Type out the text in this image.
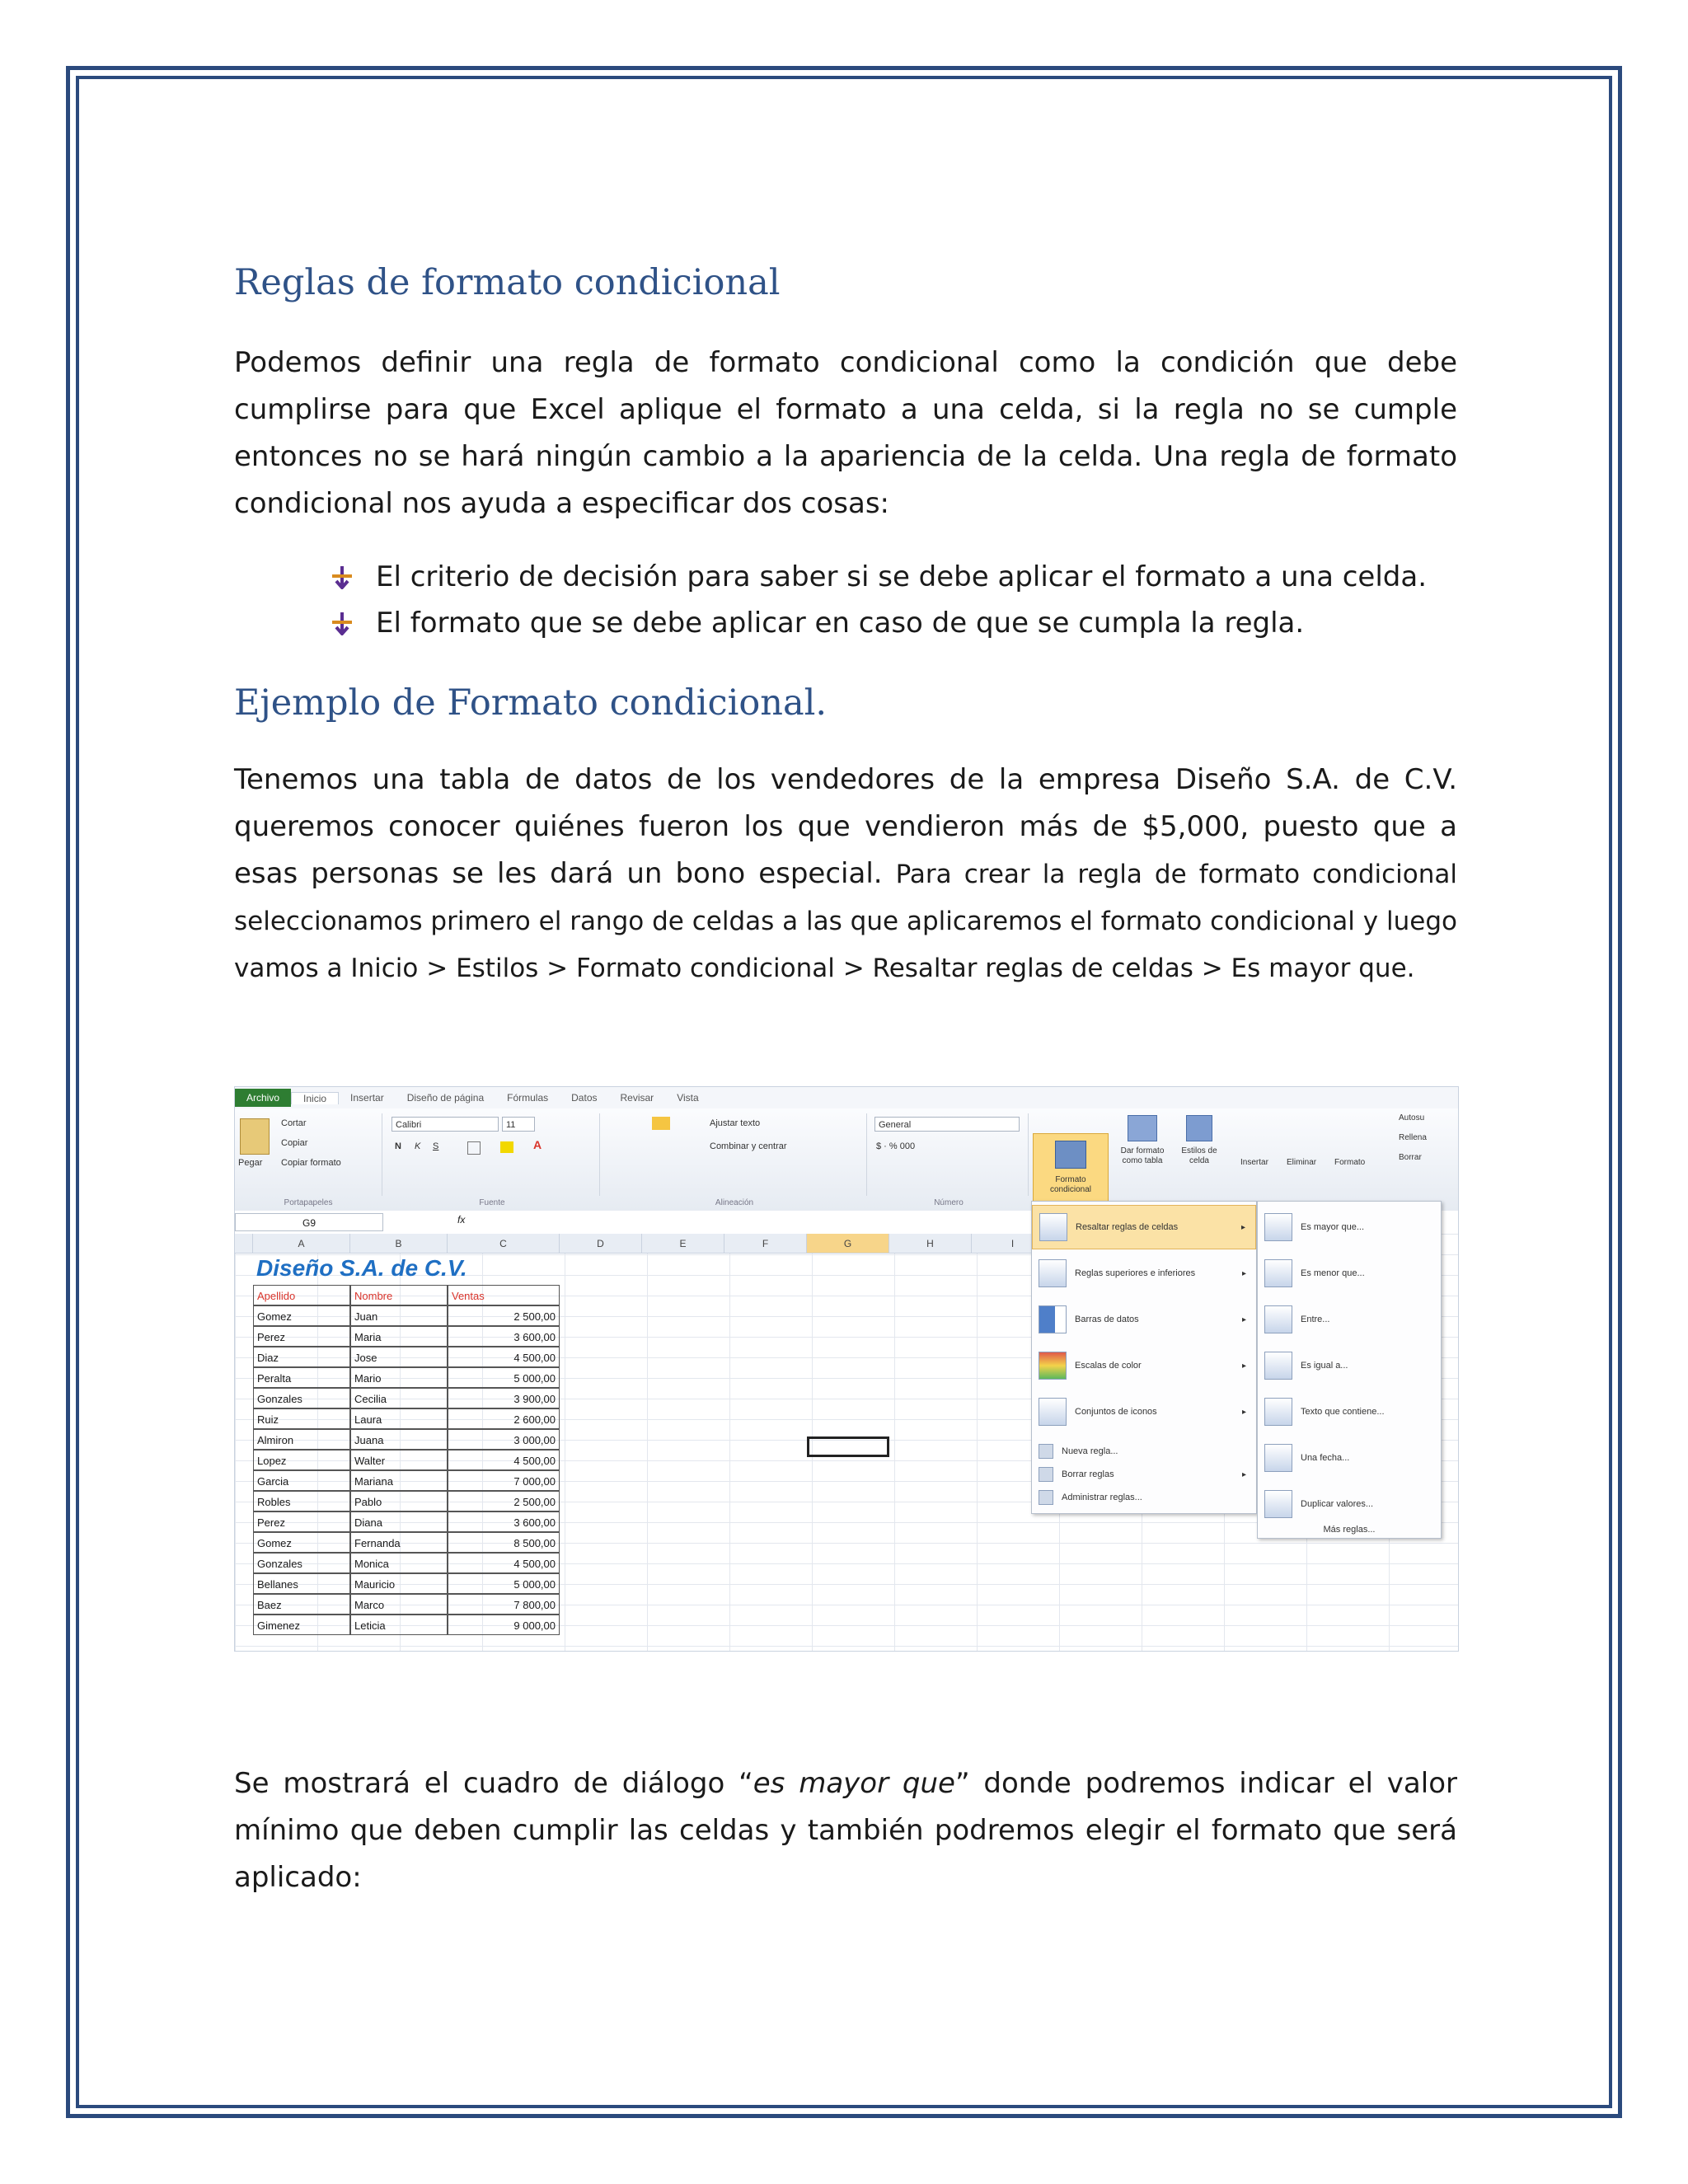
Reglas de formato condicional

Podemos definir una regla de formato condicional como la condición que debe cumplirse para que Excel aplique el formato a una celda, si la regla no se cumple entonces no se hará ningún cambio a la apariencia de la celda. Una regla de formato condicional nos ayuda a especificar dos cosas:

El criterio de decisión para saber si se debe aplicar el formato a una celda.
El formato que se debe aplicar en caso de que se cumpla la regla.
Ejemplo de Formato condicional.

Tenemos una tabla de datos de los vendedores de la empresa Diseño S.A. de C.V. queremos conocer quiénes fueron los que vendieron más de $5,000, puesto que a esas personas se les dará un bono especial. Para crear la regla de formato condicional seleccionamos primero el rango de celdas a las que aplicaremos el formato condicional y luego vamos a Inicio > Estilos > Formato condicional > Resaltar reglas de celdas > Es mayor que.

Archivo	Inicio	Insertar	Diseño de página	Fórmulas	Datos	Revisar	Vista
Pegar
Cortar
Copiar
Copiar formato
Portapapeles
Calibri	11
N K S	A
Fuente
Ajustar texto
Combinar y centrar
Alineación
General
$ · % 000
Número
Formato condicional
Dar formato como tabla
Estilos de celda	Insertar Eliminar Formato
Autosu
Rellena
Borrar
G9	fx
A	B	C	D	E	F	G	H	I
Diseño S.A. de C.V.
Apellido	Nombre	Ventas
Gomez	Juan	2 500,00
Perez	Maria	3 600,00
Diaz	Jose	4 500,00
Peralta	Mario	5 000,00
Gonzales	Cecilia	3 900,00
Ruiz	Laura	2 600,00
Almiron	Juana	3 000,00
Lopez	Walter	4 500,00
Garcia	Mariana	7 000,00
Robles	Pablo	2 500,00
Perez	Diana	3 600,00
Gomez	Fernanda	8 500,00
Gonzales	Monica	4 500,00
Bellanes	Mauricio	5 000,00
Baez	Marco	7 800,00
Gimenez	Leticia	9 000,00
Resaltar reglas de celdas	▸
Reglas superiores e inferiores	▸
Barras de datos	▸
Escalas de color	▸
Conjuntos de iconos	▸
Nueva regla...
Borrar reglas	▸
Administrar reglas...
Es mayor que...
Es menor que...
Entre...
Es igual a...
Texto que contiene...
Una fecha...
Duplicar valores...
Más reglas...

Se mostrará el cuadro de diálogo “es mayor que” donde podremos indicar el valor mínimo que deben cumplir las celdas y también podremos elegir el formato que será aplicado:
